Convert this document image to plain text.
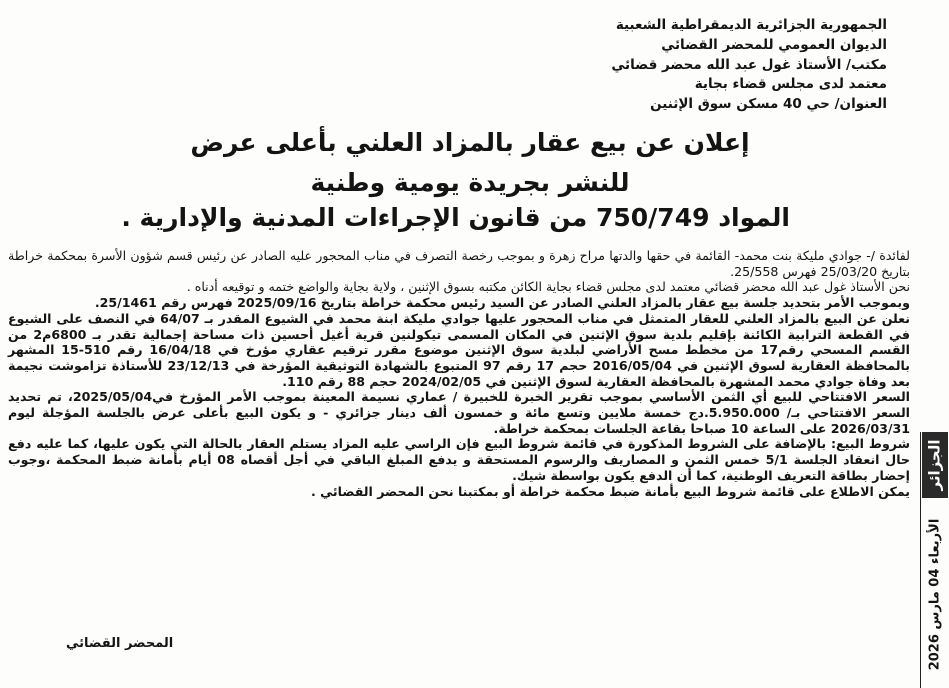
الجمهورية الجزائرية الديمقراطية الشعبية
الديوان العمومي للمحضر القضائي
مكتب/ الأستاذ غول عبد الله محضر قضائي
معتمد لدى مجلس قضاء بجاية
العنوان/ حي 40 مسكن سوق الإثنين
إعلان عن بيع عقار بالمزاد العلني بأعلى عرض
للنشر بجريدة يومية وطنية
المواد 750/749 من قانون الإجراءات المدنية والإدارية .

لفائدة /- جوادي مليكة بنت محمد- القائمة في حقها والدتها مراح زهرة و بموجب رخصة التصرف في مناب المحجور عليه الصادر عن رئيس قسم شؤون الأسرة بمحكمة خراطة بتاريخ 25/03/20 فهرس 25/558.

نحن الأستاذ غول عبد الله محضر قضائي معتمد لدى مجلس قضاء بجاية الكائن مكتبه بسوق الإثنين ، ولاية بجاية والواضع ختمه و توقيعه أدناه .

وبموجب الأمر بتحديد جلسة بيع عقار بالمزاد العلني الصادر عن السيد رئيس محكمة خراطة بتاريخ 2025/09/16 فهرس رقم 25/1461.

نعلن عن البيع بالمزاد العلني للعقار المتمثل في مناب المحجور عليها جوادي مليكة ابنة محمد في الشيوع المقدر بـ 64/07 في النصف على الشيوع في القطعة الترابية الكائنة بإقليم بلدية سوق الإثنين في المكان المسمى تيكولنين قرية أغيل أحسين ذات مساحة إجمالية تقدر بـ 6800م2 من القسم المسحي رقم17 من مخطط مسح الأراضي لبلدية سوق الإثنين موضوع مقرر ترقيم عقاري مؤرخ في 16/04/18 رقم 510-15 المشهر بالمحافظة العقارية لسوق الإثنين في 2016/05/04 حجم 17 رقم 97 المتبوع بالشهادة التوثيقية المؤرخة في 23/12/13 للأستاذة تزاموشت نجيمة بعد وفاة جوادي محمد المشهرة بالمحافظة العقارية لسوق الإثنين في 2024/02/05 حجم 88 رقم 110.

السعر الافتتاحي للبيع أي الثمن الأساسي بموجب تقرير الخبرة للخبيرة / عماري نسيمة المعينة بموجب الأمر المؤرخ في2025/05/04، تم تحديد السعر الافتتاحي بـ/ 5.950.000.دج خمسة ملايين وتسع مائة و خمسون ألف دينار جزائري - و يكون البيع بأعلى عرض بالجلسة المؤجلة ليوم 2026/03/31 على الساعة 10 صباحا بقاعة الجلسات بمحكمة خراطة.

شروط البيع: بالإضافة على الشروط المذكورة في قائمة شروط البيع فإن الراسي عليه المزاد يستلم العقار بالحالة التي يكون عليها، كما عليه دفع حال انعقاد الجلسة 5/1 خمس الثمن و المصاريف والرسوم المستحقة و يدفع المبلغ الباقي في أجل أقصاه 08 أيام بأمانة ضبط المحكمة ،وجوب إحضار بطاقة التعريف الوطنية، كما أن الدفع يكون بواسطة شيك.

يمكن الاطلاع على قائمة شروط البيع بأمانة ضبط محكمة خراطة أو بمكتبنا نحن المحضر القضائي .

المحضر القضائي
الجزائر
الأربعاء 04 مارس 2026
